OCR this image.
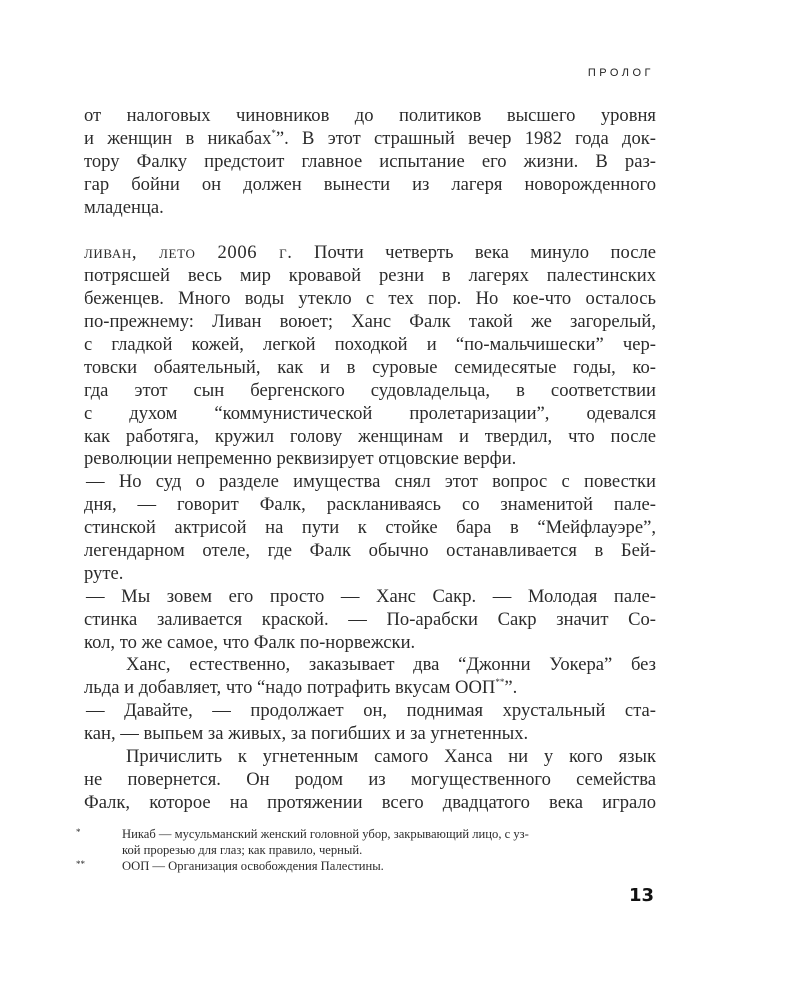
ПРОЛОГ
от налоговых чиновников до политиков высшего уровня
и женщин в никабах*”. В этот страшный вечер 1982 года док-
тору Фалку предстоит главное испытание его жизни. В раз-
гар бойни он должен вынести из лагеря новорожденного
младенца.
ливан, лето 2006 г. Почти четверть века минуло после
потрясшей весь мир кровавой резни в лагерях палестинских
беженцев. Много воды утекло с тех пор. Но кое-что осталось
по-прежнему: Ливан воюет; Ханс Фалк такой же загорелый,
с гладкой кожей, легкой походкой и “по-мальчишески” чер-
товски обаятельный, как и в суровые семидесятые годы, ко-
гда этот сын бергенского судовладельца, в соответствии
с духом “коммунистической пролетаризации”, одевался
как работяга, кружил голову женщинам и твердил, что после
революции непременно реквизирует отцовские верфи.
— Но суд о разделе имущества снял этот вопрос с повестки
дня, — говорит Фалк, раскланиваясь со знаменитой пале-
стинской актрисой на пути к стойке бара в “Мейфлауэре”,
легендарном отеле, где Фалк обычно останавливается в Бей-
руте.
— Мы зовем его просто — Ханс Сакр. — Молодая пале-
стинка заливается краской. — По-арабски Сакр значит Со-
кол, то же самое, что Фалк по-норвежски.
Ханс, естественно, заказывает два “Джонни Уокера” без
льда и добавляет, что “надо потрафить вкусам ООП**”.
— Давайте, — продолжает он, поднимая хрустальный ста-
кан, — выпьем за живых, за погибших и за угнетенных.
Причислить к угнетенным самого Ханса ни у кого язык
не повернется. Он родом из могущественного семейства
Фалк, которое на протяжении всего двадцатого века играло
*	Никаб — мусульманский женский головной убор, закрывающий лицо, с уз-
кой прорезью для глаз; как правило, черный.
**	ООП — Организация освобождения Палестины.
13
